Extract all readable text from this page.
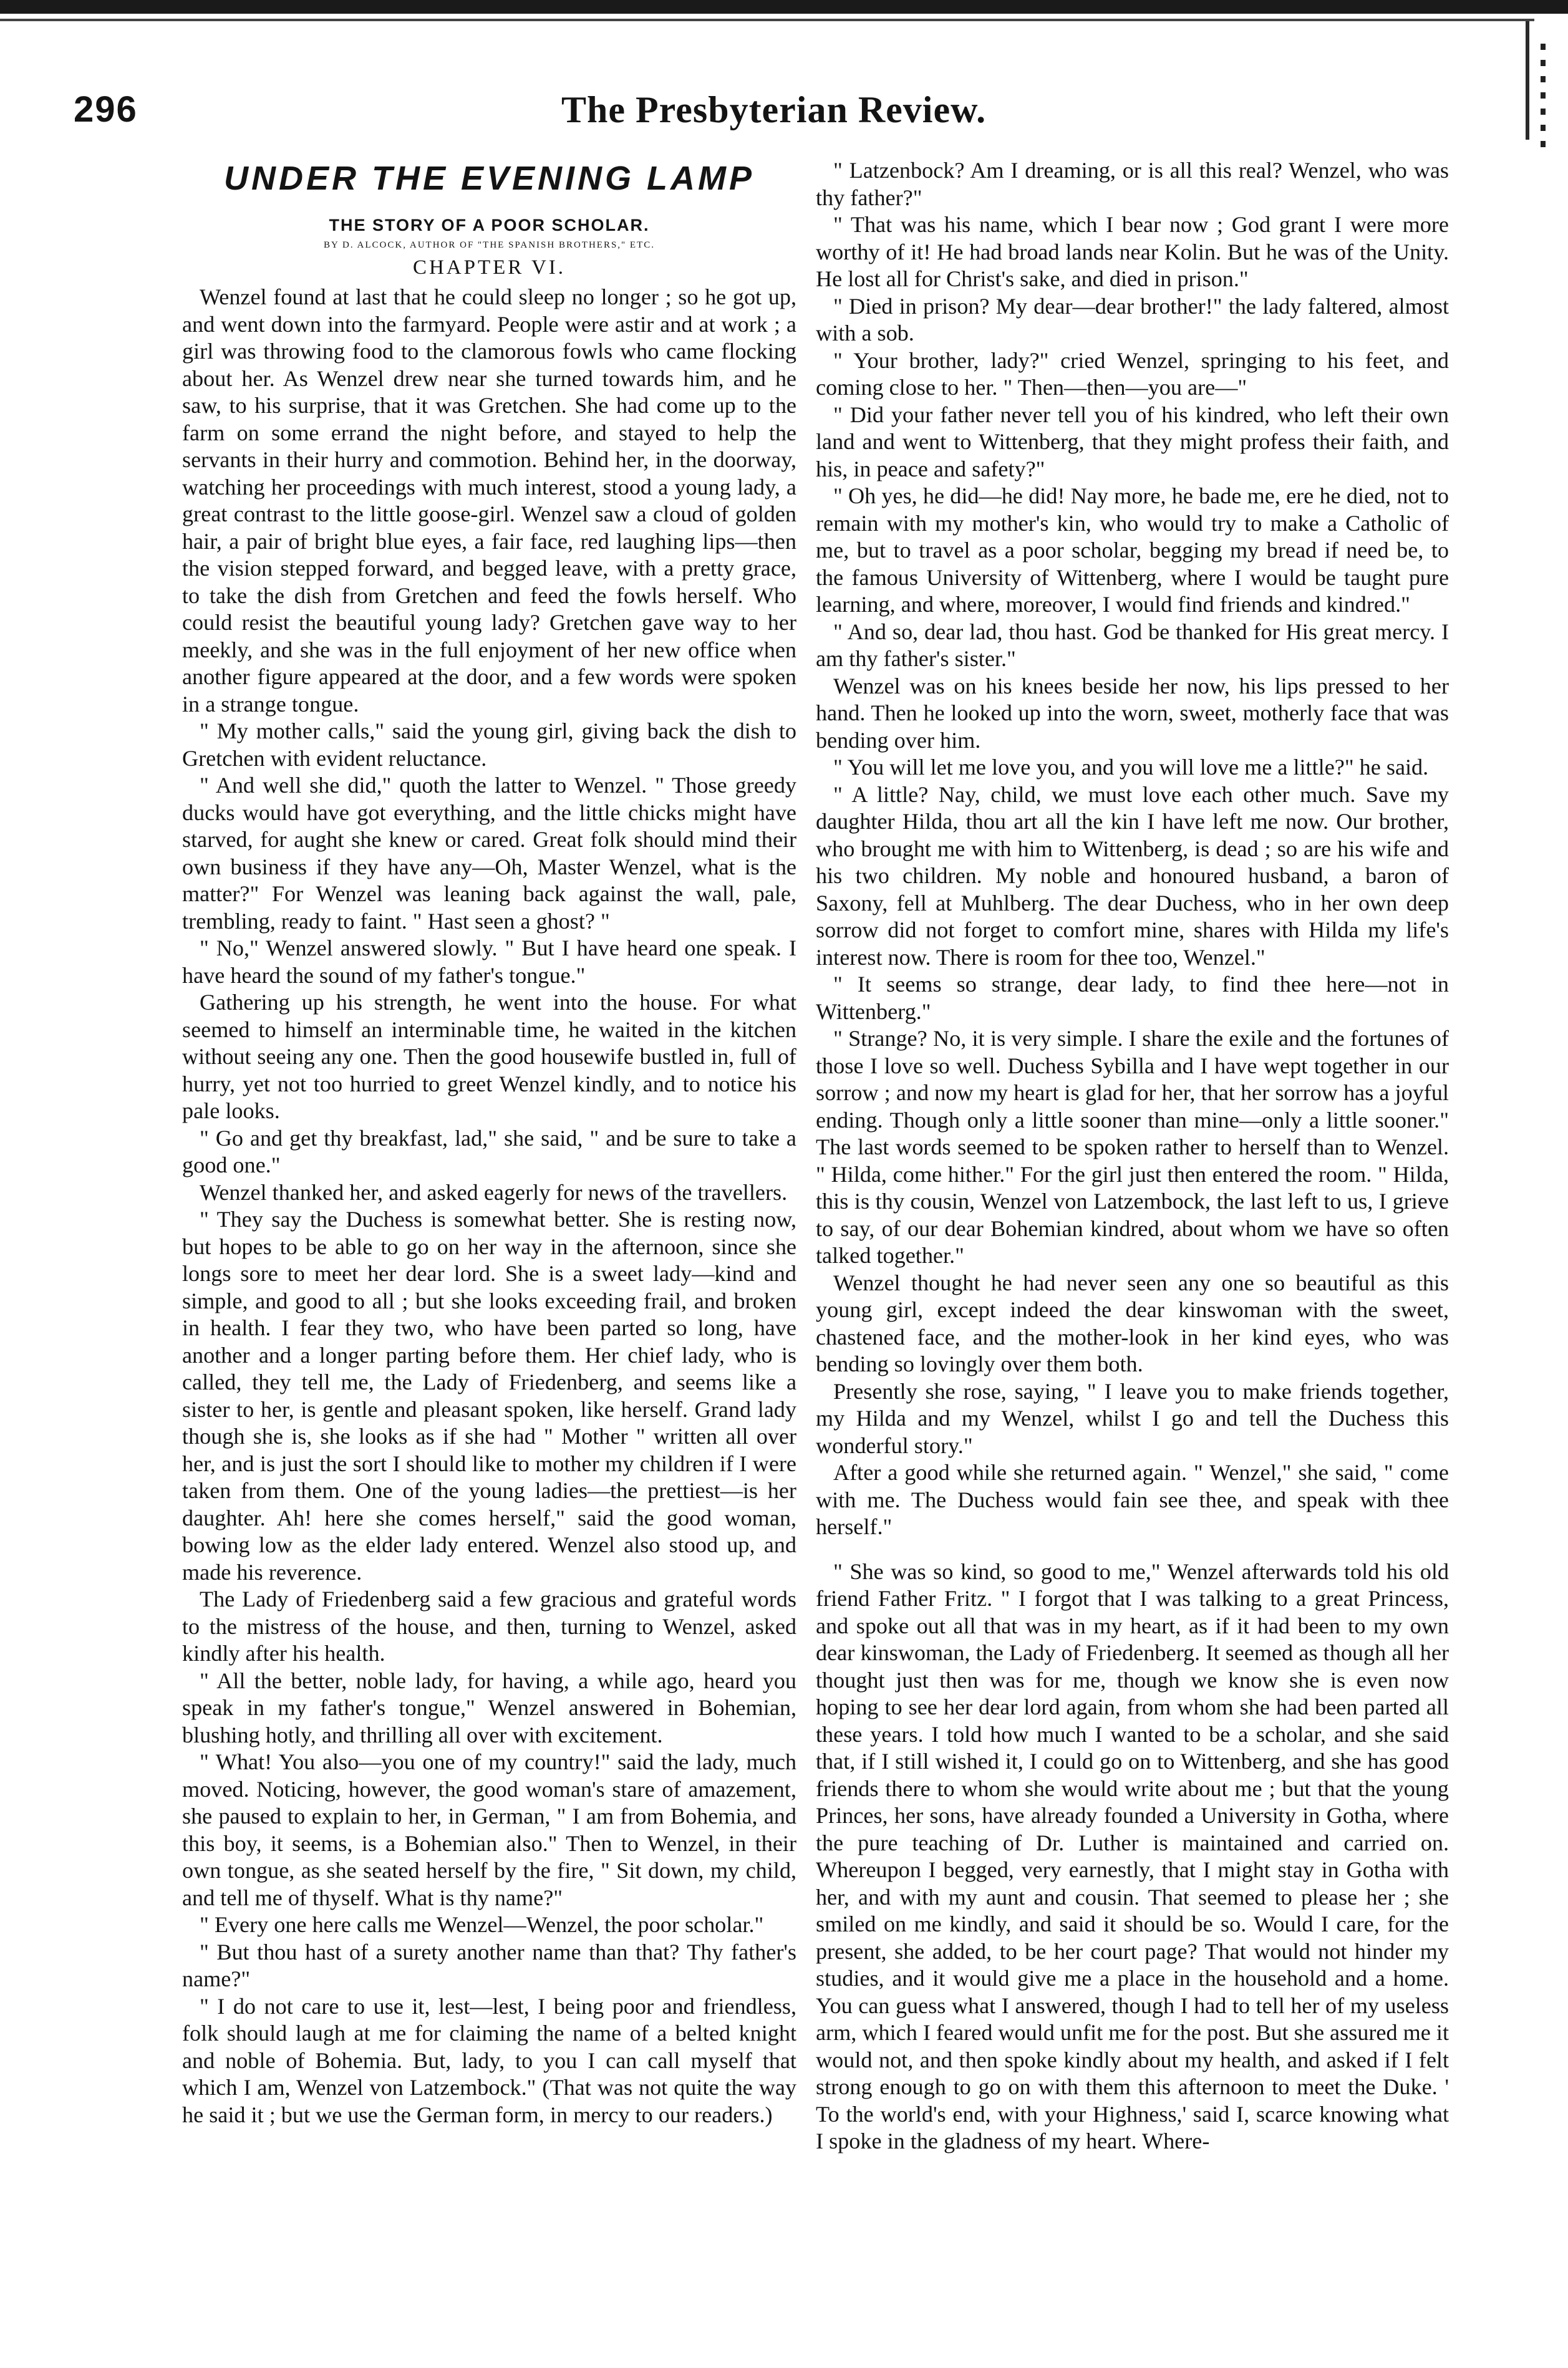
296	The Presbyterian Review.
UNDER THE EVENING LAMP
THE STORY OF A POOR SCHOLAR.
BY D. ALCOCK, AUTHOR OF "THE SPANISH BROTHERS," ETC.
CHAPTER VI.

Wenzel found at last that he could sleep no longer ; so he got up, and went down into the farmyard. People were astir and at work ; a girl was throwing food to the clamorous fowls who came flocking about her. As Wenzel drew near she turned towards him, and he saw, to his surprise, that it was Gretchen. She had come up to the farm on some errand the night before, and stayed to help the servants in their hurry and commotion. Behind her, in the doorway, watching her proceedings with much interest, stood a young lady, a great contrast to the little goose-girl. Wenzel saw a cloud of golden hair, a pair of bright blue eyes, a fair face, red laughing lips—then the vision stepped forward, and begged leave, with a pretty grace, to take the dish from Gretchen and feed the fowls herself. Who could resist the beautiful young lady? Gretchen gave way to her meekly, and she was in the full enjoyment of her new office when another figure appeared at the door, and a few words were spoken in a strange tongue.

" My mother calls," said the young girl, giving back the dish to Gretchen with evident reluctance.

" And well she did," quoth the latter to Wenzel. " Those greedy ducks would have got everything, and the little chicks might have starved, for aught she knew or cared. Great folk should mind their own business if they have any—Oh, Master Wenzel, what is the matter?" For Wenzel was leaning back against the wall, pale, trembling, ready to faint. " Hast seen a ghost? "

" No," Wenzel answered slowly. " But I have heard one speak. I have heard the sound of my father's tongue."

Gathering up his strength, he went into the house. For what seemed to himself an interminable time, he waited in the kitchen without seeing any one. Then the good housewife bustled in, full of hurry, yet not too hurried to greet Wenzel kindly, and to notice his pale looks.

" Go and get thy breakfast, lad," she said, " and be sure to take a good one."

Wenzel thanked her, and asked eagerly for news of the travellers.

" They say the Duchess is somewhat better. She is resting now, but hopes to be able to go on her way in the afternoon, since she longs sore to meet her dear lord. She is a sweet lady—kind and simple, and good to all ; but she looks exceeding frail, and broken in health. I fear they two, who have been parted so long, have another and a longer parting before them. Her chief lady, who is called, they tell me, the Lady of Friedenberg, and seems like a sister to her, is gentle and pleasant spoken, like herself. Grand lady though she is, she looks as if she had " Mother " written all over her, and is just the sort I should like to mother my children if I were taken from them. One of the young ladies—the prettiest—is her daughter. Ah! here she comes herself," said the good woman, bowing low as the elder lady entered. Wenzel also stood up, and made his reverence.

The Lady of Friedenberg said a few gracious and grateful words to the mistress of the house, and then, turning to Wenzel, asked kindly after his health.

" All the better, noble lady, for having, a while ago, heard you speak in my father's tongue," Wenzel answered in Bohemian, blushing hotly, and thrilling all over with excitement.

" What! You also—you one of my country!" said the lady, much moved. Noticing, however, the good woman's stare of amazement, she paused to explain to her, in German, " I am from Bohemia, and this boy, it seems, is a Bohemian also." Then to Wenzel, in their own tongue, as she seated herself by the fire, " Sit down, my child, and tell me of thyself. What is thy name?"

" Every one here calls me Wenzel—Wenzel, the poor scholar."

" But thou hast of a surety another name than that? Thy father's name?"

" I do not care to use it, lest—lest, I being poor and friendless, folk should laugh at me for claiming the name of a belted knight and noble of Bohemia. But, lady, to you I can call myself that which I am, Wenzel von Latzembock." (That was not quite the way he said it ; but we use the German form, in mercy to our readers.)

" Latzenbock? Am I dreaming, or is all this real? Wenzel, who was thy father?"

" That was his name, which I bear now ; God grant I were more worthy of it! He had broad lands near Kolin. But he was of the Unity. He lost all for Christ's sake, and died in prison."

" Died in prison? My dear—dear brother!" the lady faltered, almost with a sob.

" Your brother, lady?" cried Wenzel, springing to his feet, and coming close to her. " Then—then—you are—"

" Did your father never tell you of his kindred, who left their own land and went to Wittenberg, that they might profess their faith, and his, in peace and safety?"

" Oh yes, he did—he did! Nay more, he bade me, ere he died, not to remain with my mother's kin, who would try to make a Catholic of me, but to travel as a poor scholar, begging my bread if need be, to the famous University of Wittenberg, where I would be taught pure learning, and where, moreover, I would find friends and kindred."

" And so, dear lad, thou hast. God be thanked for His great mercy. I am thy father's sister."

Wenzel was on his knees beside her now, his lips pressed to her hand. Then he looked up into the worn, sweet, motherly face that was bending over him.

" You will let me love you, and you will love me a little?" he said.

" A little? Nay, child, we must love each other much. Save my daughter Hilda, thou art all the kin I have left me now. Our brother, who brought me with him to Wittenberg, is dead ; so are his wife and his two children. My noble and honoured husband, a baron of Saxony, fell at Muhlberg. The dear Duchess, who in her own deep sorrow did not forget to comfort mine, shares with Hilda my life's interest now. There is room for thee too, Wenzel."

" It seems so strange, dear lady, to find thee here—not in Wittenberg."

" Strange? No, it is very simple. I share the exile and the fortunes of those I love so well. Duchess Sybilla and I have wept together in our sorrow ; and now my heart is glad for her, that her sorrow has a joyful ending. Though only a little sooner than mine—only a little sooner." The last words seemed to be spoken rather to herself than to Wenzel. " Hilda, come hither." For the girl just then entered the room. " Hilda, this is thy cousin, Wenzel von Latzembock, the last left to us, I grieve to say, of our dear Bohemian kindred, about whom we have so often talked together."

Wenzel thought he had never seen any one so beautiful as this young girl, except indeed the dear kinswoman with the sweet, chastened face, and the mother-look in her kind eyes, who was bending so lovingly over them both.

Presently she rose, saying, " I leave you to make friends together, my Hilda and my Wenzel, whilst I go and tell the Duchess this wonderful story."

After a good while she returned again. " Wenzel," she said, " come with me. The Duchess would fain see thee, and speak with thee herself."

" She was so kind, so good to me," Wenzel afterwards told his old friend Father Fritz. " I forgot that I was talking to a great Princess, and spoke out all that was in my heart, as if it had been to my own dear kinswoman, the Lady of Friedenberg. It seemed as though all her thought just then was for me, though we know she is even now hoping to see her dear lord again, from whom she had been parted all these years. I told how much I wanted to be a scholar, and she said that, if I still wished it, I could go on to Wittenberg, and she has good friends there to whom she would write about me ; but that the young Princes, her sons, have already founded a University in Gotha, where the pure teaching of Dr. Luther is maintained and carried on. Whereupon I begged, very earnestly, that I might stay in Gotha with her, and with my aunt and cousin. That seemed to please her ; she smiled on me kindly, and said it should be so. Would I care, for the present, she added, to be her court page? That would not hinder my studies, and it would give me a place in the household and a home. You can guess what I answered, though I had to tell her of my useless arm, which I feared would unfit me for the post. But she assured me it would not, and then spoke kindly about my health, and asked if I felt strong enough to go on with them this afternoon to meet the Duke. ' To the world's end, with your Highness,' said I, scarce knowing what I spoke in the gladness of my heart. Where-
